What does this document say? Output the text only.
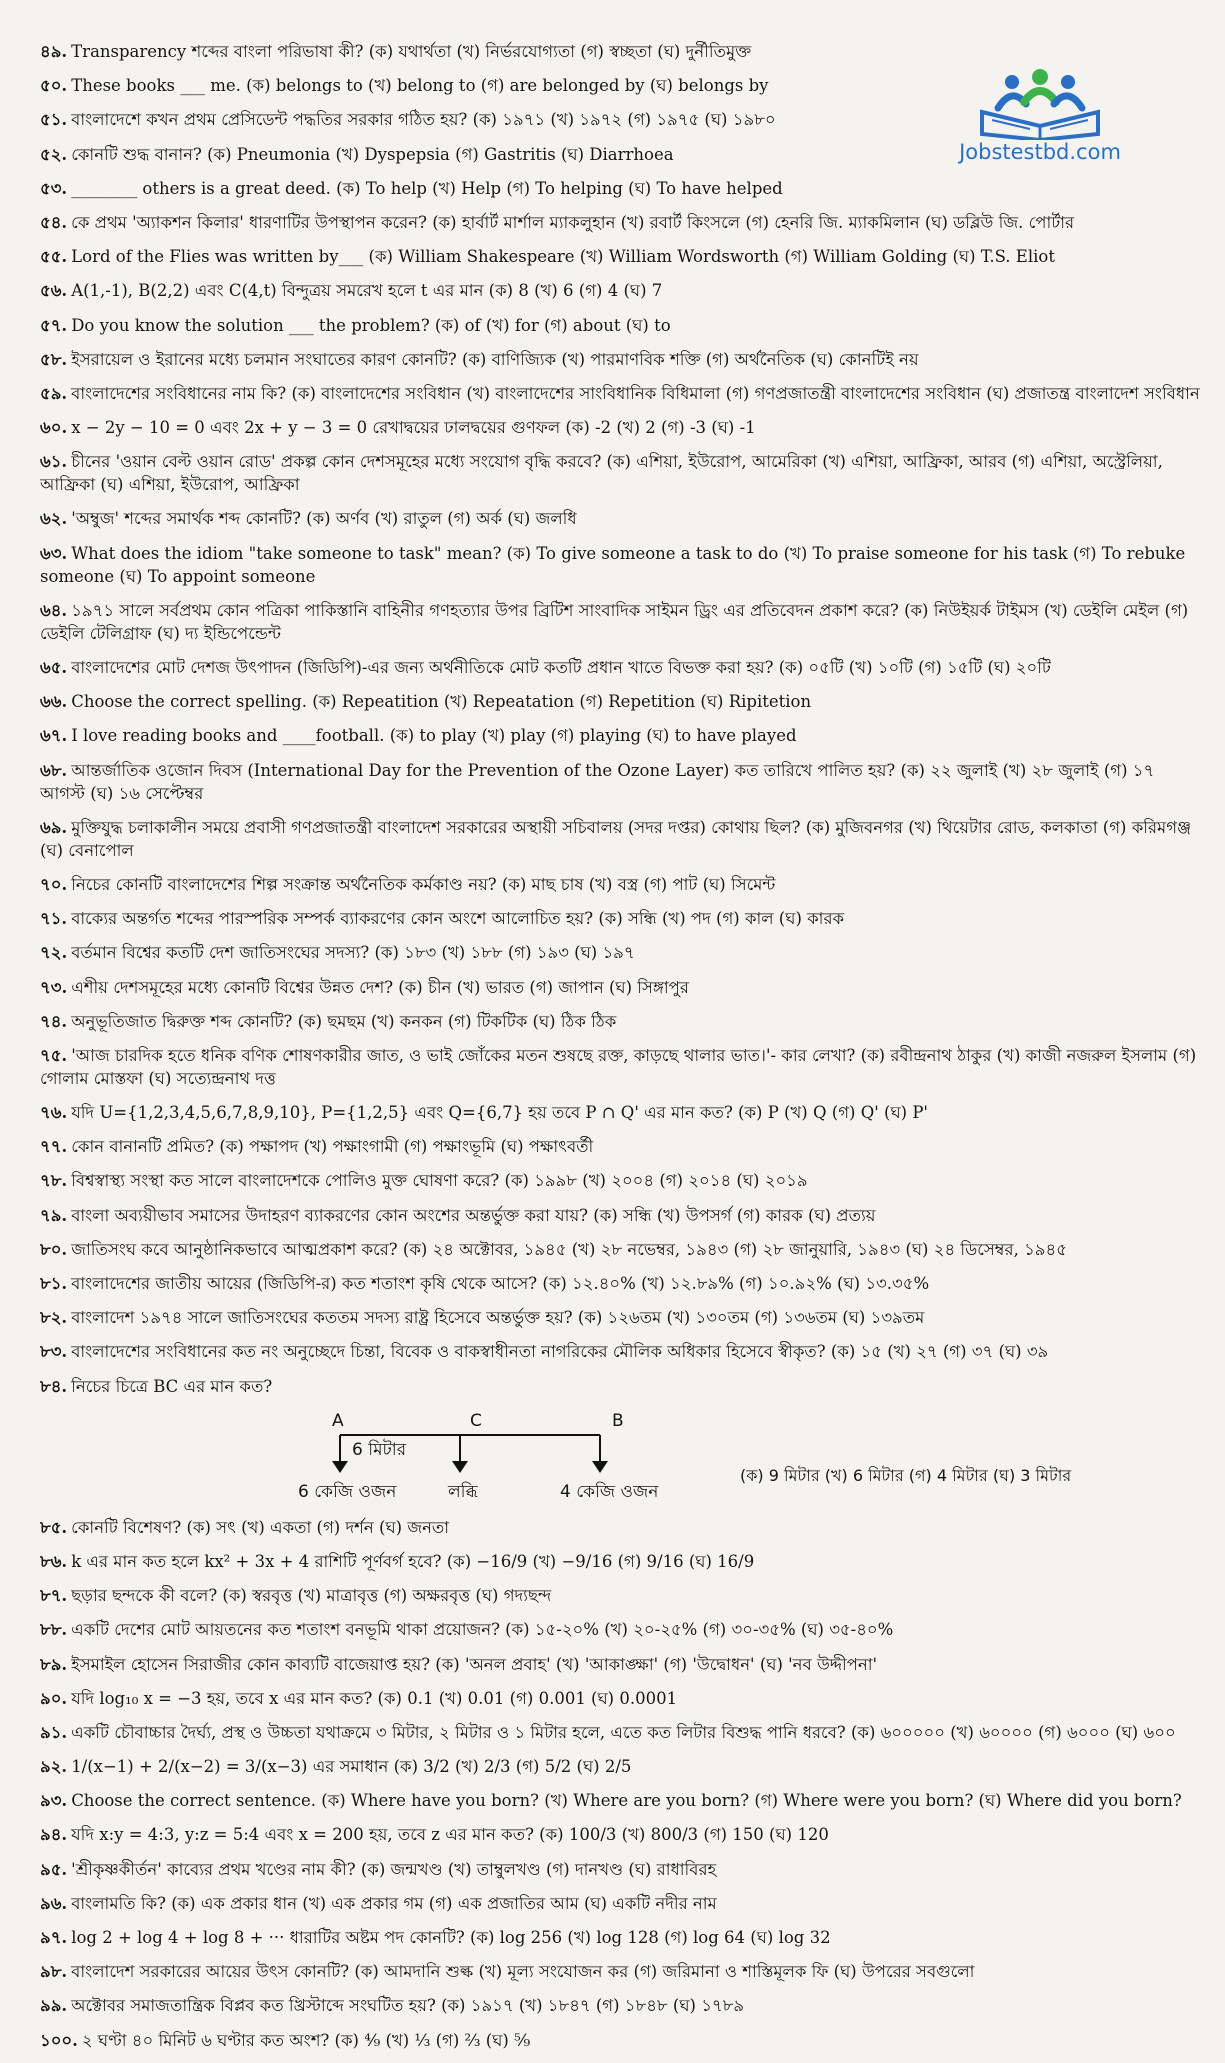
Jobstestbd.com
৪৯. Transparency শব্দের বাংলা পরিভাষা কী? (ক) যথার্থতা (খ) নির্ভরযোগ্যতা (গ) স্বচ্ছতা (ঘ) দুর্নীতিমুক্ত
৫০. These books ___ me. (ক) belongs to (খ) belong to (গ) are belonged by (ঘ) belongs by
৫১. বাংলাদেশে কখন প্রথম প্রেসিডেন্ট পদ্ধতির সরকার গঠিত হয়? (ক) ১৯৭১ (খ) ১৯৭২ (গ) ১৯৭৫ (ঘ) ১৯৮০
৫২. কোনটি শুদ্ধ বানান? (ক) Pneumonia (খ) Dyspepsia (গ) Gastritis (ঘ) Diarrhoea
৫৩. ________ others is a great deed. (ক) To help (খ) Help (গ) To helping (ঘ) To have helped
৫৪. কে প্রথম 'অ্যাকশন কিলার' ধারণাটির উপস্থাপন করেন? (ক) হার্বার্ট মার্শাল ম্যাকলুহান (খ) রবার্ট কিংসলে (গ) হেনরি জি. ম্যাকমিলান (ঘ) ডব্লিউ জি. পোর্টার
৫৫. Lord of the Flies was written by___ (ক) William Shakespeare (খ) William Wordsworth (গ) William Golding (ঘ) T.S. Eliot
৫৬. A(1,-1), B(2,2) এবং C(4,t) বিন্দুত্রয় সমরেখ হলে t এর মান (ক) 8 (খ) 6 (গ) 4 (ঘ) 7
৫৭. Do you know the solution ___ the problem? (ক) of (খ) for (গ) about (ঘ) to
৫৮. ইসরায়েল ও ইরানের মধ্যে চলমান সংঘাতের কারণ কোনটি? (ক) বাণিজ্যিক (খ) পারমাণবিক শক্তি (গ) অর্থনৈতিক (ঘ) কোনটিই নয়
৫৯. বাংলাদেশের সংবিধানের নাম কি? (ক) বাংলাদেশের সংবিধান (খ) বাংলাদেশের সাংবিধানিক বিধিমালা (গ) গণপ্রজাতন্ত্রী বাংলাদেশের সংবিধান (ঘ) প্রজাতন্ত্র বাংলাদেশ সংবিধান
৬০. x − 2y − 10 = 0 এবং 2x + y − 3 = 0 রেখাদ্বয়ের ঢালদ্বয়ের গুণফল (ক) -2 (খ) 2 (গ) -3 (ঘ) -1
৬১. চীনের 'ওয়ান বেল্ট ওয়ান রোড' প্রকল্প কোন দেশসমূহের মধ্যে সংযোগ বৃদ্ধি করবে? (ক) এশিয়া, ইউরোপ, আমেরিকা (খ) এশিয়া, আফ্রিকা, আরব (গ) এশিয়া, অস্ট্রেলিয়া, আফ্রিকা (ঘ) এশিয়া, ইউরোপ, আফ্রিকা
৬২. 'অম্বুজ' শব্দের সমার্থক শব্দ কোনটি? (ক) অর্ণব (খ) রাতুল (গ) অর্ক (ঘ) জলধি
৬৩. What does the idiom "take someone to task" mean? (ক) To give someone a task to do (খ) To praise someone for his task (গ) To rebuke someone (ঘ) To appoint someone
৬৪. ১৯৭১ সালে সর্বপ্রথম কোন পত্রিকা পাকিস্তানি বাহিনীর গণহত্যার উপর ব্রিটিশ সাংবাদিক সাইমন ড্রিং এর প্রতিবেদন প্রকাশ করে? (ক) নিউইয়র্ক টাইমস (খ) ডেইলি মেইল (গ) ডেইলি টেলিগ্রাফ (ঘ) দ্য ইন্ডিপেন্ডেন্ট
৬৫. বাংলাদেশের মোট দেশজ উৎপাদন (জিডিপি)-এর জন্য অর্থনীতিকে মোট কতটি প্রধান খাতে বিভক্ত করা হয়? (ক) ০৫টি (খ) ১০টি (গ) ১৫টি (ঘ) ২০টি
৬৬. Choose the correct spelling. (ক) Repeatition (খ) Repeatation (গ) Repetition (ঘ) Ripitetion
৬৭. I love reading books and ____football. (ক) to play (খ) play (গ) playing (ঘ) to have played
৬৮. আন্তর্জাতিক ওজোন দিবস (International Day for the Prevention of the Ozone Layer) কত তারিখে পালিত হয়? (ক) ২২ জুলাই (খ) ২৮ জুলাই (গ) ১৭ আগস্ট (ঘ) ১৬ সেপ্টেম্বর
৬৯. মুক্তিযুদ্ধ চলাকালীন সময়ে প্রবাসী গণপ্রজাতন্ত্রী বাংলাদেশ সরকারের অস্থায়ী সচিবালয় (সদর দপ্তর) কোথায় ছিল? (ক) মুজিবনগর (খ) থিয়েটার রোড, কলকাতা (গ) করিমগঞ্জ (ঘ) বেনাপোল
৭০. নিচের কোনটি বাংলাদেশের শিল্প সংক্রান্ত অর্থনৈতিক কর্মকাণ্ড নয়? (ক) মাছ চাষ (খ) বস্ত্র (গ) পাট (ঘ) সিমেন্ট
৭১. বাক্যের অন্তর্গত শব্দের পারস্পরিক সম্পর্ক ব্যাকরণের কোন অংশে আলোচিত হয়? (ক) সন্ধি (খ) পদ (গ) কাল (ঘ) কারক
৭২. বর্তমান বিশ্বের কতটি দেশ জাতিসংঘের সদস্য? (ক) ১৮৩ (খ) ১৮৮ (গ) ১৯৩ (ঘ) ১৯৭
৭৩. এশীয় দেশসমূহের মধ্যে কোনটি বিশ্বের উন্নত দেশ? (ক) চীন (খ) ভারত (গ) জাপান (ঘ) সিঙ্গাপুর
৭৪. অনুভূতিজাত দ্বিরুক্ত শব্দ কোনটি? (ক) ছমছম (খ) কনকন (গ) টিকটিক (ঘ) ঠিক ঠিক
৭৫. 'আজ চারদিক হতে ধনিক বণিক শোষণকারীর জাত, ও ভাই জোঁকের মতন শুষছে রক্ত, কাড়ছে থালার ভাত।'- কার লেখা? (ক) রবীন্দ্রনাথ ঠাকুর (খ) কাজী নজরুল ইসলাম (গ) গোলাম মোস্তফা (ঘ) সত্যেন্দ্রনাথ দত্ত
৭৬. যদি U={1,2,3,4,5,6,7,8,9,10}, P={1,2,5} এবং Q={6,7} হয় তবে P ∩ Q' এর মান কত? (ক) P (খ) Q (গ) Q' (ঘ) P'
৭৭. কোন বানানটি প্রমিত? (ক) পক্ষাপদ (খ) পক্ষাংগামী (গ) পক্ষাংভূমি (ঘ) পক্ষাৎবর্তী
৭৮. বিশ্বস্বাস্থ্য সংস্থা কত সালে বাংলাদেশকে পোলিও মুক্ত ঘোষণা করে? (ক) ১৯৯৮ (খ) ২০০৪ (গ) ২০১৪ (ঘ) ২০১৯
৭৯. বাংলা অব্যয়ীভাব সমাসের উদাহরণ ব্যাকরণের কোন অংশের অন্তর্ভুক্ত করা যায়? (ক) সন্ধি (খ) উপসর্গ (গ) কারক (ঘ) প্রত্যয়
৮০. জাতিসংঘ কবে আনুষ্ঠানিকভাবে আত্মপ্রকাশ করে? (ক) ২৪ অক্টোবর, ১৯৪৫ (খ) ২৮ নভেম্বর, ১৯৪৩ (গ) ২৮ জানুয়ারি, ১৯৪৩ (ঘ) ২৪ ডিসেম্বর, ১৯৪৫
৮১. বাংলাদেশের জাতীয় আয়ের (জিডিপি-র) কত শতাংশ কৃষি থেকে আসে? (ক) ১২.৪০% (খ) ১২.৮৯% (গ) ১০.৯২% (ঘ) ১৩.৩৫%
৮২. বাংলাদেশ ১৯৭৪ সালে জাতিসংঘের কততম সদস্য রাষ্ট্র হিসেবে অন্তর্ভুক্ত হয়? (ক) ১২৬তম (খ) ১৩০তম (গ) ১৩৬তম (ঘ) ১৩৯তম
৮৩. বাংলাদেশের সংবিধানের কত নং অনুচ্ছেদে চিন্তা, বিবেক ও বাকস্বাধীনতা নাগরিকের মৌলিক অধিকার হিসেবে স্বীকৃত? (ক) ১৫ (খ) ২৭ (গ) ৩৭ (ঘ) ৩৯
৮৪. নিচের চিত্রে BC এর মান কত?
A	C	B
6 মিটার
6 কেজি ওজন	লব্ধি	4 কেজি ওজন
(ক) 9 মিটার (খ) 6 মিটার (গ) 4 মিটার (ঘ) 3 মিটার
৮৫. কোনটি বিশেষণ? (ক) সৎ (খ) একতা (গ) দর্শন (ঘ) জনতা
৮৬. k এর মান কত হলে kx² + 3x + 4 রাশিটি পূর্ণবর্গ হবে? (ক) −16/9 (খ) −9/16 (গ) 9/16 (ঘ) 16/9
৮৭. ছড়ার ছন্দকে কী বলে? (ক) স্বরবৃত্ত (খ) মাত্রাবৃত্ত (গ) অক্ষরবৃত্ত (ঘ) গদ্যছন্দ
৮৮. একটি দেশের মোট আয়তনের কত শতাংশ বনভূমি থাকা প্রয়োজন? (ক) ১৫-২০% (খ) ২০-২৫% (গ) ৩০-৩৫% (ঘ) ৩৫-৪০%
৮৯. ইসমাইল হোসেন সিরাজীর কোন কাব্যটি বাজেয়াপ্ত হয়? (ক) 'অনল প্রবাহ' (খ) 'আকাঙ্ক্ষা' (গ) 'উদ্বোধন' (ঘ) 'নব উদ্দীপনা'
৯০. যদি log₁₀ x = −3 হয়, তবে x এর মান কত? (ক) 0.1 (খ) 0.01 (গ) 0.001 (ঘ) 0.0001
৯১. একটি চৌবাচ্চার দৈর্ঘ্য, প্রস্থ ও উচ্চতা যথাক্রমে ৩ মিটার, ২ মিটার ও ১ মিটার হলে, এতে কত লিটার বিশুদ্ধ পানি ধরবে? (ক) ৬০০০০০ (খ) ৬০০০০ (গ) ৬০০০ (ঘ) ৬০০
৯২. 1/(x−1) + 2/(x−2) = 3/(x−3) এর সমাধান (ক) 3/2 (খ) 2/3 (গ) 5/2 (ঘ) 2/5
৯৩. Choose the correct sentence. (ক) Where have you born? (খ) Where are you born? (গ) Where were you born? (ঘ) Where did you born?
৯৪. যদি x:y = 4:3, y:z = 5:4 এবং x = 200 হয়, তবে z এর মান কত? (ক) 100/3 (খ) 800/3 (গ) 150 (ঘ) 120
৯৫. 'শ্রীকৃষ্ণকীর্তন' কাব্যের প্রথম খণ্ডের নাম কী? (ক) জন্মখণ্ড (খ) তাম্বুলখণ্ড (গ) দানখণ্ড (ঘ) রাধাবিরহ
৯৬. বাংলামতি কি? (ক) এক প্রকার ধান (খ) এক প্রকার গম (গ) এক প্রজাতির আম (ঘ) একটি নদীর নাম
৯৭. log 2 + log 4 + log 8 + ··· ধারাটির অষ্টম পদ কোনটি? (ক) log 256 (খ) log 128 (গ) log 64 (ঘ) log 32
৯৮. বাংলাদেশ সরকারের আয়ের উৎস কোনটি? (ক) আমদানি শুল্ক (খ) মূল্য সংযোজন কর (গ) জরিমানা ও শাস্তিমূলক ফি (ঘ) উপরের সবগুলো
৯৯. অক্টোবর সমাজতান্ত্রিক বিপ্লব কত খ্রিস্টাব্দে সংঘটিত হয়? (ক) ১৯১৭ (খ) ১৮৪৭ (গ) ১৮৪৮ (ঘ) ১৭৮৯
১০০. ২ ঘণ্টা ৪০ মিনিট ৬ ঘণ্টার কত অংশ? (ক) ⁴⁄₉ (খ) ¹⁄₃ (গ) ²⁄₃ (ঘ) ⁵⁄₉
